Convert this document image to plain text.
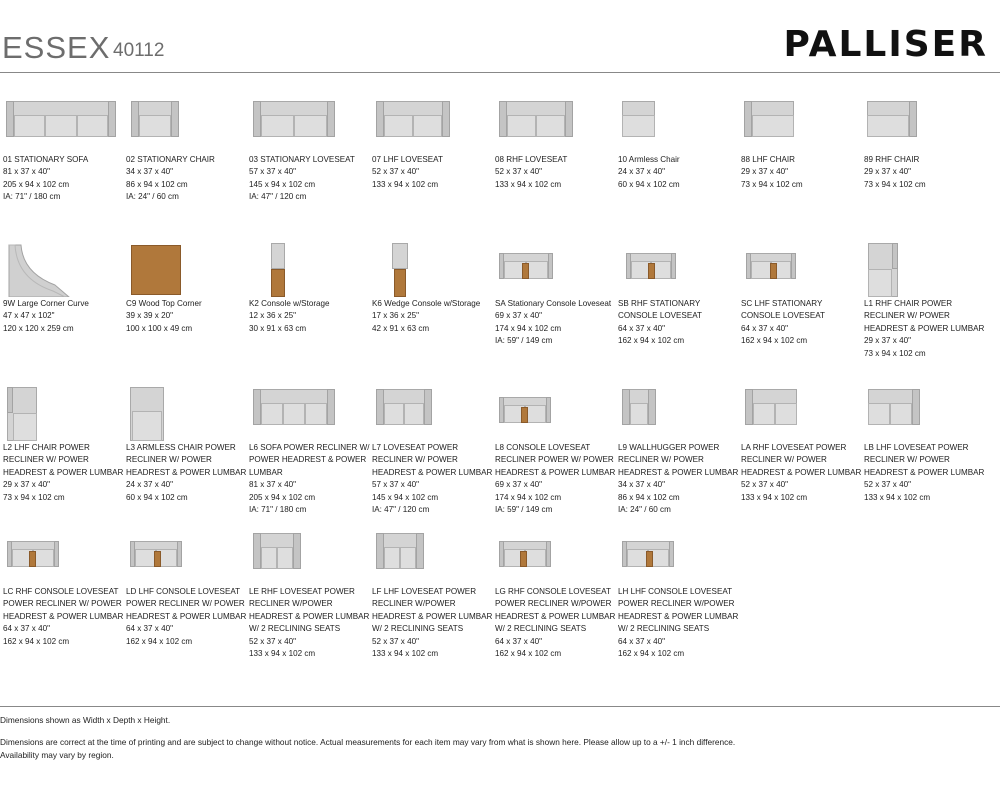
ESSEX 40112	PALLISER
01 STATIONARY SOFA
81 x 37 x 40"
205 x 94 x 102 cm
IA: 71" / 180 cm
02 STATIONARY CHAIR
34 x 37 x 40"
86 x 94 x 102 cm
IA: 24" / 60 cm
03 STATIONARY LOVESEAT
57 x 37 x 40"
145 x 94 x 102 cm
IA: 47" / 120 cm
07 LHF LOVESEAT
52 x 37 x 40"
133 x 94 x 102 cm
08 RHF LOVESEAT
52 x 37 x 40"
133 x 94 x 102 cm
10 Armless Chair
24 x 37 x 40"
60 x 94 x 102 cm
88 LHF CHAIR
29 x 37 x 40"
73 x 94 x 102 cm
89 RHF CHAIR
29 x 37 x 40"
73 x 94 x 102 cm
9W Large Corner Curve
47 x 47 x 102"
120 x 120 x 259 cm
C9 Wood Top Corner
39 x 39 x 20"
100 x 100 x 49 cm
K2 Console w/Storage
12 x 36 x 25"
30 x 91 x 63 cm
K6 Wedge Console w/Storage
17 x 36 x 25"
42 x 91 x 63 cm
SA Stationary Console Loveseat
69 x 37 x 40"
174 x 94 x 102 cm
IA: 59" / 149 cm
SB RHF STATIONARY CONSOLE LOVESEAT
64 x 37 x 40"
162 x 94 x 102 cm
SC LHF STATIONARY CONSOLE LOVESEAT
64 x 37 x 40"
162 x 94 x 102 cm
L1 RHF CHAIR POWER RECLINER W/ POWER HEADREST & POWER LUMBAR
29 x 37 x 40"
73 x 94 x 102 cm
L2 LHF CHAIR POWER RECLINER W/ POWER HEADREST & POWER LUMBAR
29 x 37 x 40"
73 x 94 x 102 cm
L3 ARMLESS CHAIR POWER RECLINER W/ POWER HEADREST & POWER LUMBAR
24 x 37 x 40"
60 x 94 x 102 cm
L6 SOFA POWER RECLINER W/ POWER HEADREST & POWER LUMBAR
81 x 37 x 40"
205 x 94 x 102 cm
IA: 71" / 180 cm
L7 LOVESEAT POWER RECLINER W/ POWER HEADREST & POWER LUMBAR
57 x 37 x 40"
145 x 94 x 102 cm
IA: 47" / 120 cm
L8 CONSOLE LOVESEAT RECLINER POWER W/ POWER HEADREST & POWER LUMBAR
69 x 37 x 40"
174 x 94 x 102 cm
IA: 59" / 149 cm
L9 WALLHUGGER POWER RECLINER W/ POWER HEADREST & POWER LUMBAR
34 x 37 x 40"
86 x 94 x 102 cm
IA: 24" / 60 cm
LA RHF LOVESEAT POWER RECLINER W/ POWER HEADREST & POWER LUMBAR
52 x 37 x 40"
133 x 94 x 102 cm
LB LHF LOVESEAT POWER RECLINER W/ POWER HEADREST & POWER LUMBAR
52 x 37 x 40"
133 x 94 x 102 cm
LC RHF CONSOLE LOVESEAT POWER RECLINER W/ POWER HEADREST & POWER LUMBAR
64 x 37 x 40"
162 x 94 x 102 cm
LD LHF CONSOLE LOVESEAT POWER RECLINER W/ POWER HEADREST & POWER LUMBAR
64 x 37 x 40"
162 x 94 x 102 cm
LE RHF LOVESEAT POWER RECLINER W/POWER HEADREST & POWER LUMBAR W/ 2 RECLINING SEATS
52 x 37 x 40"
133 x 94 x 102 cm
LF LHF LOVESEAT POWER RECLINER W/POWER HEADREST & POWER LUMBAR W/ 2 RECLINING SEATS
52 x 37 x 40"
133 x 94 x 102 cm
LG RHF CONSOLE LOVESEAT POWER RECLINER W/POWER HEADREST & POWER LUMBAR W/ 2 RECLINING SEATS
64 x 37 x 40"
162 x 94 x 102 cm
LH LHF CONSOLE LOVESEAT POWER RECLINER W/POWER HEADREST & POWER LUMBAR W/ 2 RECLINING SEATS
64 x 37 x 40"
162 x 94 x 102 cm
Dimensions shown as Width x Depth x Height.
Dimensions are correct at the time of printing and are subject to change without notice. Actual measurements for each item may vary from what is shown here. Please allow up to a +/- 1 inch difference.
Availability may vary by region.
